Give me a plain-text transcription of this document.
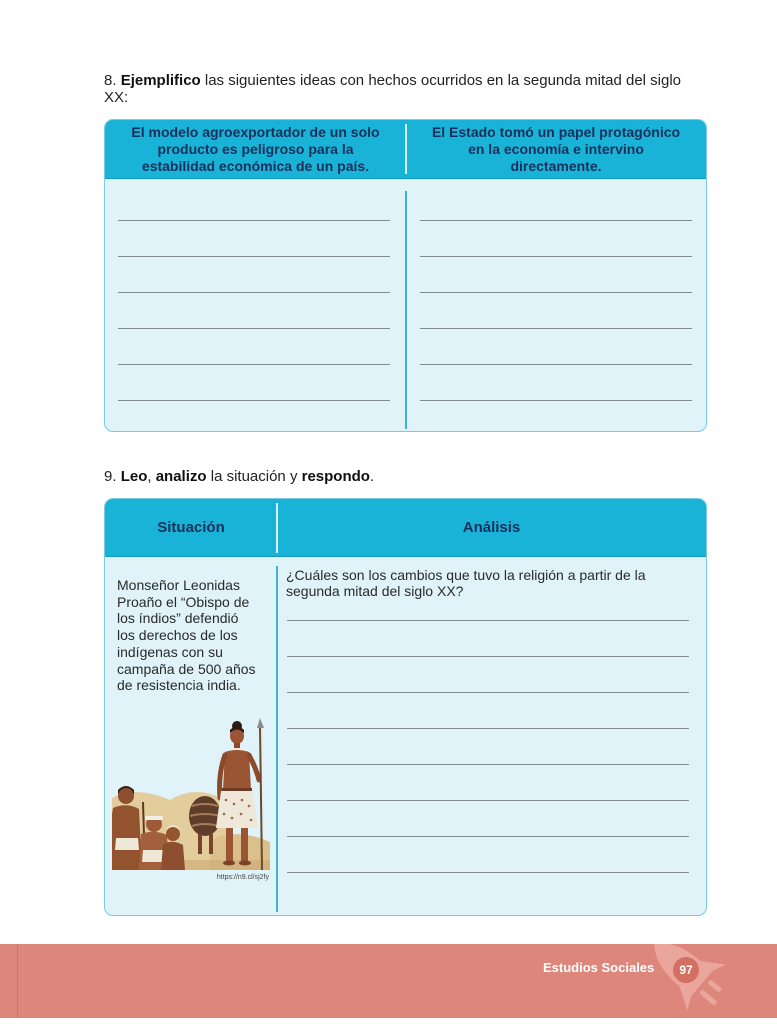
8. Ejemplifico las siguientes ideas con hechos ocurridos en la segunda mitad del siglo XX:
El modelo agroexportador de un solo producto es peligroso para la estabilidad económica de un país.
El Estado tomó un papel protagónico en la economía e intervino directamente.
9. Leo, analizo la situación y respondo.
Situación	Análisis
Monseñor Leonidas Proaño el “Obispo de los índios” defendió los derechos de los indígenas con su campaña de 500 años de resistencia india.
https://n9.cl/sj2fy
¿Cuáles son los cambios que tuvo la religión a partir de la segunda mitad del siglo XX?
Estudios Sociales	97
